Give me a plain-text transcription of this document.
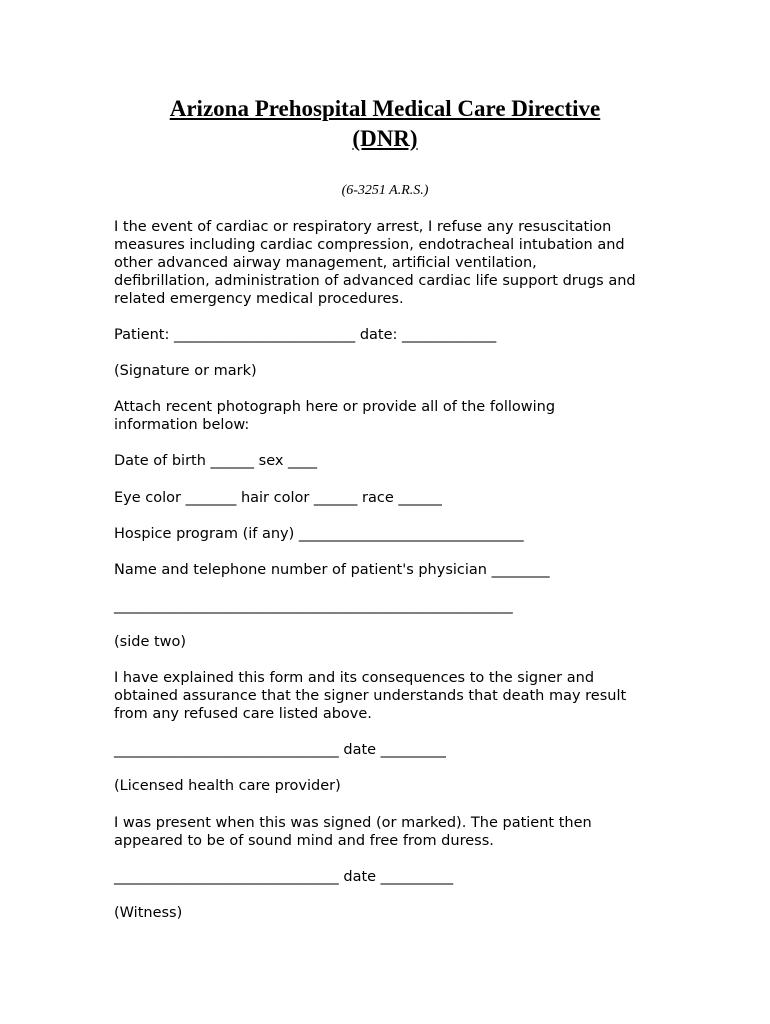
Arizona Prehospital Medical Care Directive
(DNR)
(6-3251 A.R.S.)
I the event of cardiac or respiratory arrest, I refuse any resuscitation
measures including cardiac compression, endotracheal intubation and
other advanced airway management, artificial ventilation,
defibrillation, administration of advanced cardiac life support drugs and
related emergency medical procedures.
Patient: _________________________ date: _____________
(Signature or mark)
Attach recent photograph here or provide all of the following
information below:
Date of birth ______ sex ____
Eye color _______ hair color ______ race ______
Hospice program (if any) _______________________________
Name and telephone number of patient's physician ________
_______________________________________________________
(side two)
I have explained this form and its consequences to the signer and
obtained assurance that the signer understands that death may result
from any refused care listed above.
_______________________________ date _________
(Licensed health care provider)
I was present when this was signed (or marked). The patient then
appeared to be of sound mind and free from duress.
_______________________________ date __________
(Witness)
